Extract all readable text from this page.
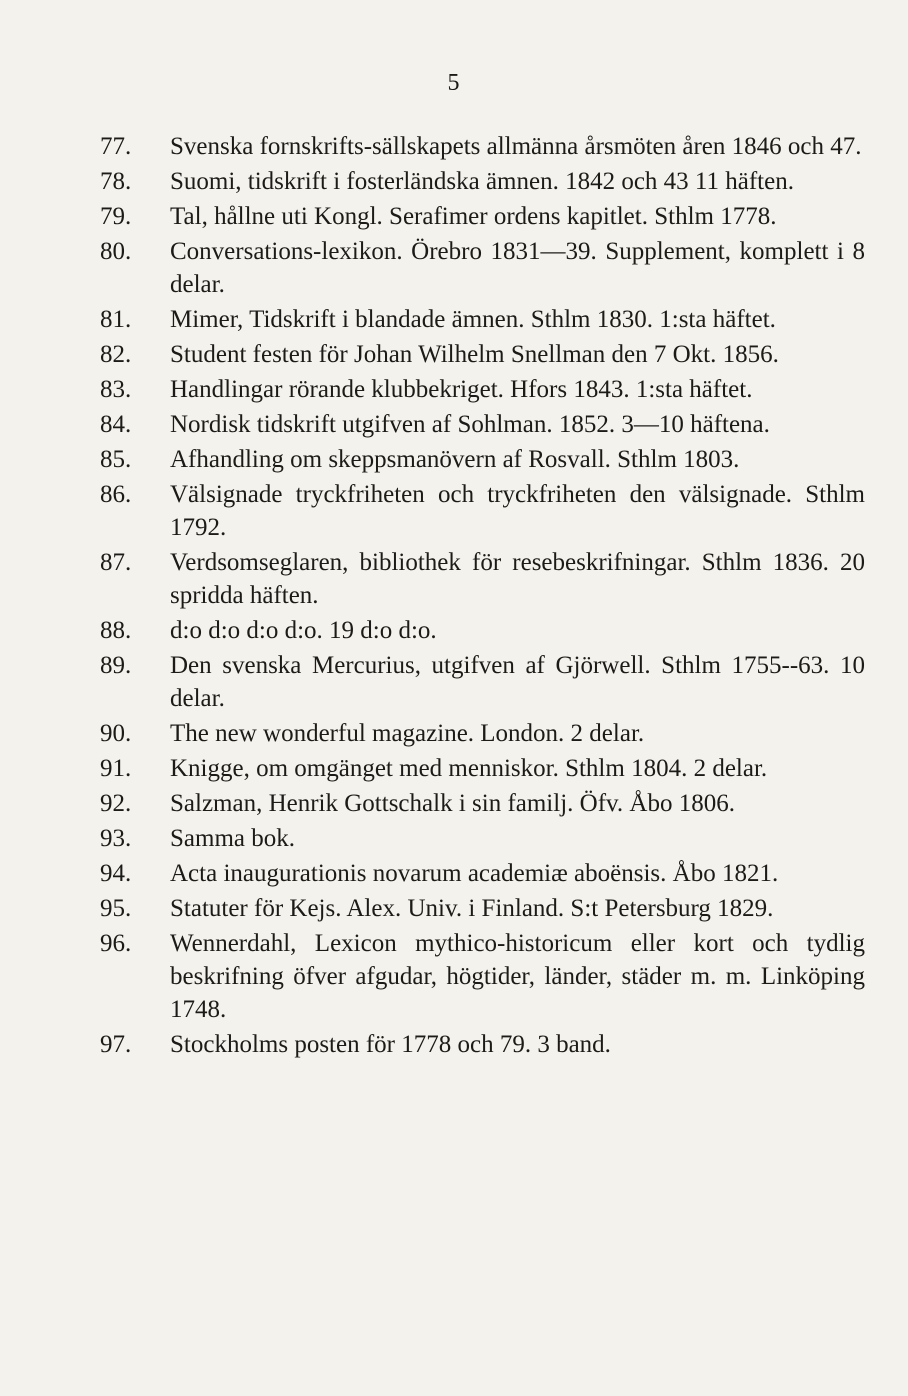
5
77.	Svenska fornskrifts-sällskapets allmänna årsmöten åren 1846 och 47.
78.	Suomi, tidskrift i fosterländska ämnen. 1842 och 43 11 häften.
79.	Tal, hållne uti Kongl. Serafimer ordens kapitlet. Sthlm 1778.
80.	Conversations-lexikon. Örebro 1831—39. Supplement, komplett i 8 delar.
81.	Mimer, Tidskrift i blandade ämnen. Sthlm 1830. 1:sta häftet.
82.	Student festen för Johan Wilhelm Snellman den 7 Okt. 1856.
83.	Handlingar rörande klubbekriget. Hfors 1843. 1:sta häftet.
84.	Nordisk tidskrift utgifven af Sohlman. 1852. 3—10 häftena.
85.	Afhandling om skeppsmanövern af Rosvall. Sthlm 1803.
86.	Välsignade tryckfriheten och tryckfriheten den välsignade. Sthlm 1792.
87.	Verdsomseglaren, bibliothek för resebeskrifningar. Sthlm 1836. 20 spridda häften.
88.	d:o d:o d:o d:o. 19 d:o d:o.
89.	Den svenska Mercurius, utgifven af Gjörwell. Sthlm 1755--63. 10 delar.
90.	The new wonderful magazine. London. 2 delar.
91.	Knigge, om omgänget med menniskor. Sthlm 1804. 2 delar.
92.	Salzman, Henrik Gottschalk i sin familj. Öfv. Åbo 1806.
93.	Samma bok.
94.	Acta inaugurationis novarum academiæ aboënsis. Åbo 1821.
95.	Statuter för Kejs. Alex. Univ. i Finland. S:t Petersburg 1829.
96.	Wennerdahl, Lexicon mythico-historicum eller kort och tydlig beskrifning öfver afgudar, högtider, länder, städer m. m. Linköping 1748.
97.	Stockholms posten för 1778 och 79. 3 band.
